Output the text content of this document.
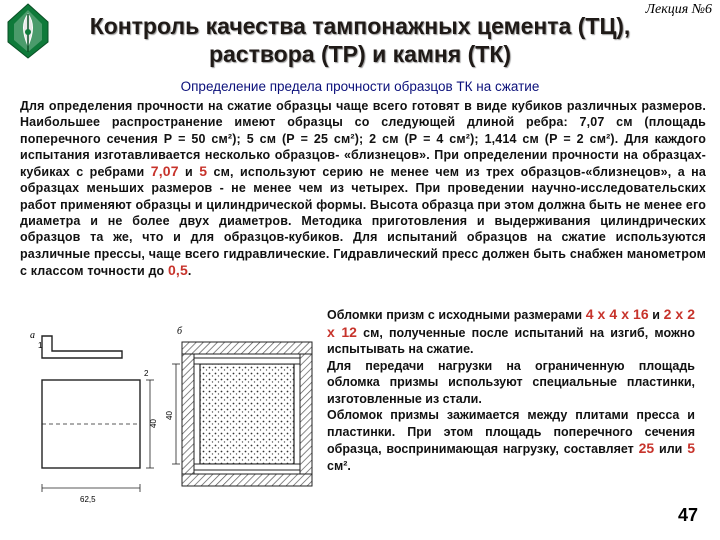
Лекция №6
Контроль качества тампонажных цемента (ТЦ),
раствора (ТР) и камня (ТК)
Определение предела прочности образцов ТК на сжатие
Для определения прочности на сжатие образцы чаще всего готовят в виде кубиков различных размеров. Наибольшее распространение имеют образцы со следующей длиной ребра: 7,07 см (площадь поперечного сечения Р = 50 см²); 5 см (Р = 25 см²); 2 см (Р = 4 см²); 1,414 см (Р = 2 см²). Для каждого испытания изготавливается несколько образцов- «близнецов». При определении прочности на образцах-кубиках с ребрами 7,07 и 5 см, используют серию не менее чем из трех образцов-«близнецов», а на образцах меньших размеров - не менее чем из четырех. При проведении научно-исследовательских работ применяют образцы и цилиндрической формы. Высота образца при этом должна быть не менее его диаметра и не более двух диаметров. Методика приготовления и выдерживания цилиндрических образцов та же, что и для образцов-кубиков. Для испытаний образцов на сжатие используются различные прессы, чаще всего гидравлические. Гидравлический пресс должен быть снабжен манометром с классом точности до 0,5.
а
1
40
2
62,5
б
40

Обломки призм с исходными размерами 4 х 4 х 16 и 2 х 2 х 12 см, полученные после испытаний на изгиб, можно испытывать на сжатие.

Для передачи нагрузки на ограниченную площадь обломка призмы используют специальные пластинки, изготовленные из стали.

Обломок призмы зажимается между плитами пресса и пластинки. При этом площадь поперечного сечения образца, воспринимающая нагрузку, составляет 25 или 5 см².

47
